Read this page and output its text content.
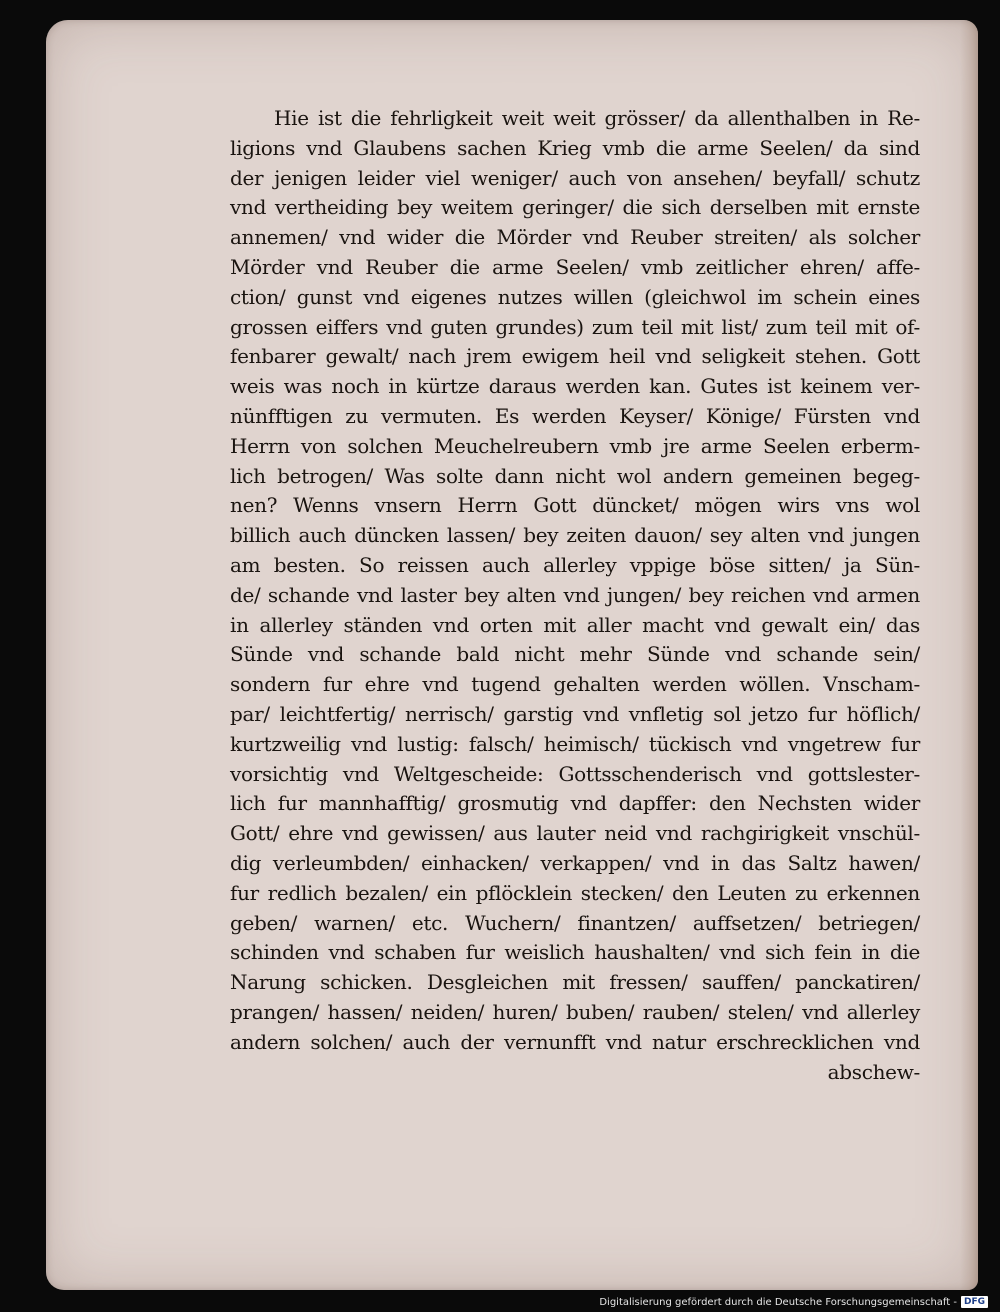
Hie ist die fehrligkeit weit weit grösser/ da allenthalben in Re-
ligions vnd Glaubens sachen Krieg vmb die arme Seelen/ da sind
der jenigen leider viel weniger/ auch von ansehen/ beyfall/ schutz
vnd vertheiding bey weitem geringer/ die sich derselben mit ernste
annemen/ vnd wider die Mörder vnd Reuber streiten/ als solcher
Mörder vnd Reuber die arme Seelen/ vmb zeitlicher ehren/ affe-
ction/ gunst vnd eigenes nutzes willen (gleichwol im schein eines
grossen eiffers vnd guten grundes) zum teil mit list/ zum teil mit of-
fenbarer gewalt/ nach jrem ewigem heil vnd seligkeit stehen. Gott
weis was noch in kürtze daraus werden kan. Gutes ist keinem ver-
nünfftigen zu vermuten. Es werden Keyser/ Könige/ Fürsten vnd
Herrn von solchen Meuchelreubern vmb jre arme Seelen erberm-
lich betrogen/ Was solte dann nicht wol andern gemeinen begeg-
nen? Wenns vnsern Herrn Gott düncket/ mögen wirs vns wol
billich auch düncken lassen/ bey zeiten dauon/ sey alten vnd jungen
am besten. So reissen auch allerley vppige böse sitten/ ja Sün-
de/ schande vnd laster bey alten vnd jungen/ bey reichen vnd armen
in allerley ständen vnd orten mit aller macht vnd gewalt ein/ das
Sünde vnd schande bald nicht mehr Sünde vnd schande sein/
sondern fur ehre vnd tugend gehalten werden wöllen. Vnscham-
par/ leichtfertig/ nerrisch/ garstig vnd vnfletig sol jetzo fur höflich/
kurtzweilig vnd lustig: falsch/ heimisch/ tückisch vnd vngetrew fur
vorsichtig vnd Weltgescheide: Gottsschenderisch vnd gottslester-
lich fur mannhafftig/ grosmutig vnd dapffer: den Nechsten wider
Gott/ ehre vnd gewissen/ aus lauter neid vnd rachgirigkeit vnschül-
dig verleumbden/ einhacken/ verkappen/ vnd in das Saltz hawen/
fur redlich bezalen/ ein pflöcklein stecken/ den Leuten zu erkennen
geben/ warnen/ etc. Wuchern/ finantzen/ auffsetzen/ betriegen/
schinden vnd schaben fur weislich haushalten/ vnd sich fein in die
Narung schicken. Desgleichen mit fressen/ sauffen/ panckatiren/
prangen/ hassen/ neiden/ huren/ buben/ rauben/ stelen/ vnd allerley
andern solchen/ auch der vernunfft vnd natur erschrecklichen vnd
abschew-
Digitalisierung gefördert durch die Deutsche Forschungsgemeinschaft - DFG
